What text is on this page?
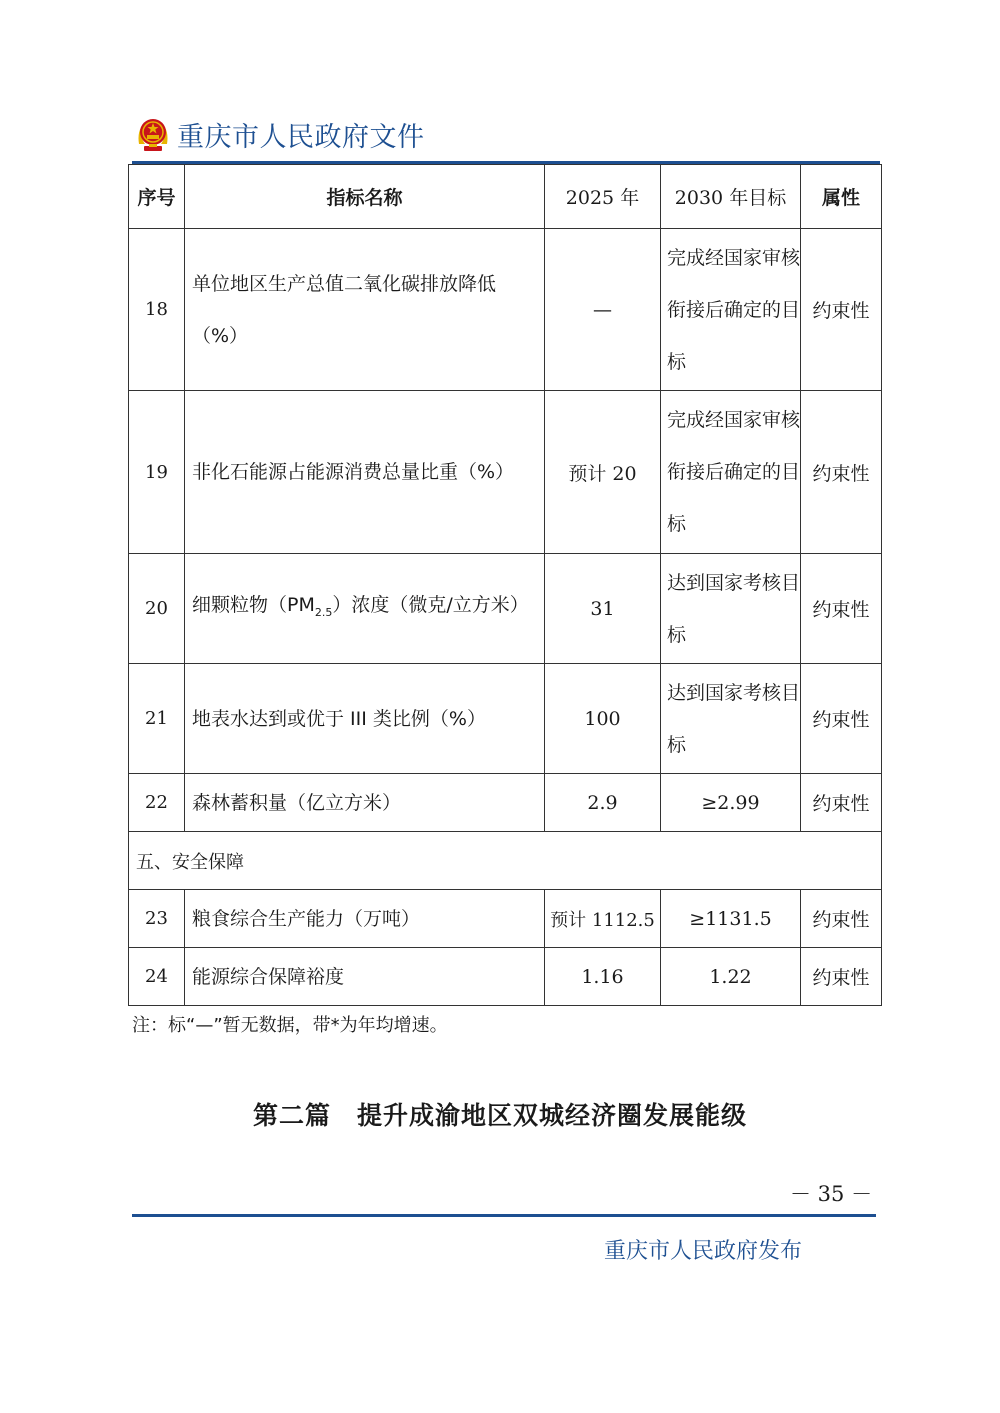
重庆市人民政府文件
序号	指标名称	2025 年	2030 年目标	属性
18	单位地区生产总值二氧化碳排放降低（%）	—	完成经国家审核衔接后确定的目标	约束性
19	非化石能源占能源消费总量比重（%）	预计 20	完成经国家审核衔接后确定的目标	约束性
20	细颗粒物$(PM_{2.5})$浓度（微克/立方米）	31	达到国家考核目标	约束性
21	地表水达到或优于 III 类比例（%）	100	达到国家考核目标	约束性
22	森林蓄积量（亿立方米）	2.9	≥2.99	约束性
五、安全保障				
23	粮食综合生产能力（万吨）	预计 1112.5	≥1131.5	约束性
24	能源综合保障裕度	1.16	1.22	约束性
注：标“—”暂无数据，带*为年均增速。
第二篇 提升成渝地区双城经济圈发展能级
－ 35 －
重庆市人民政府发布
